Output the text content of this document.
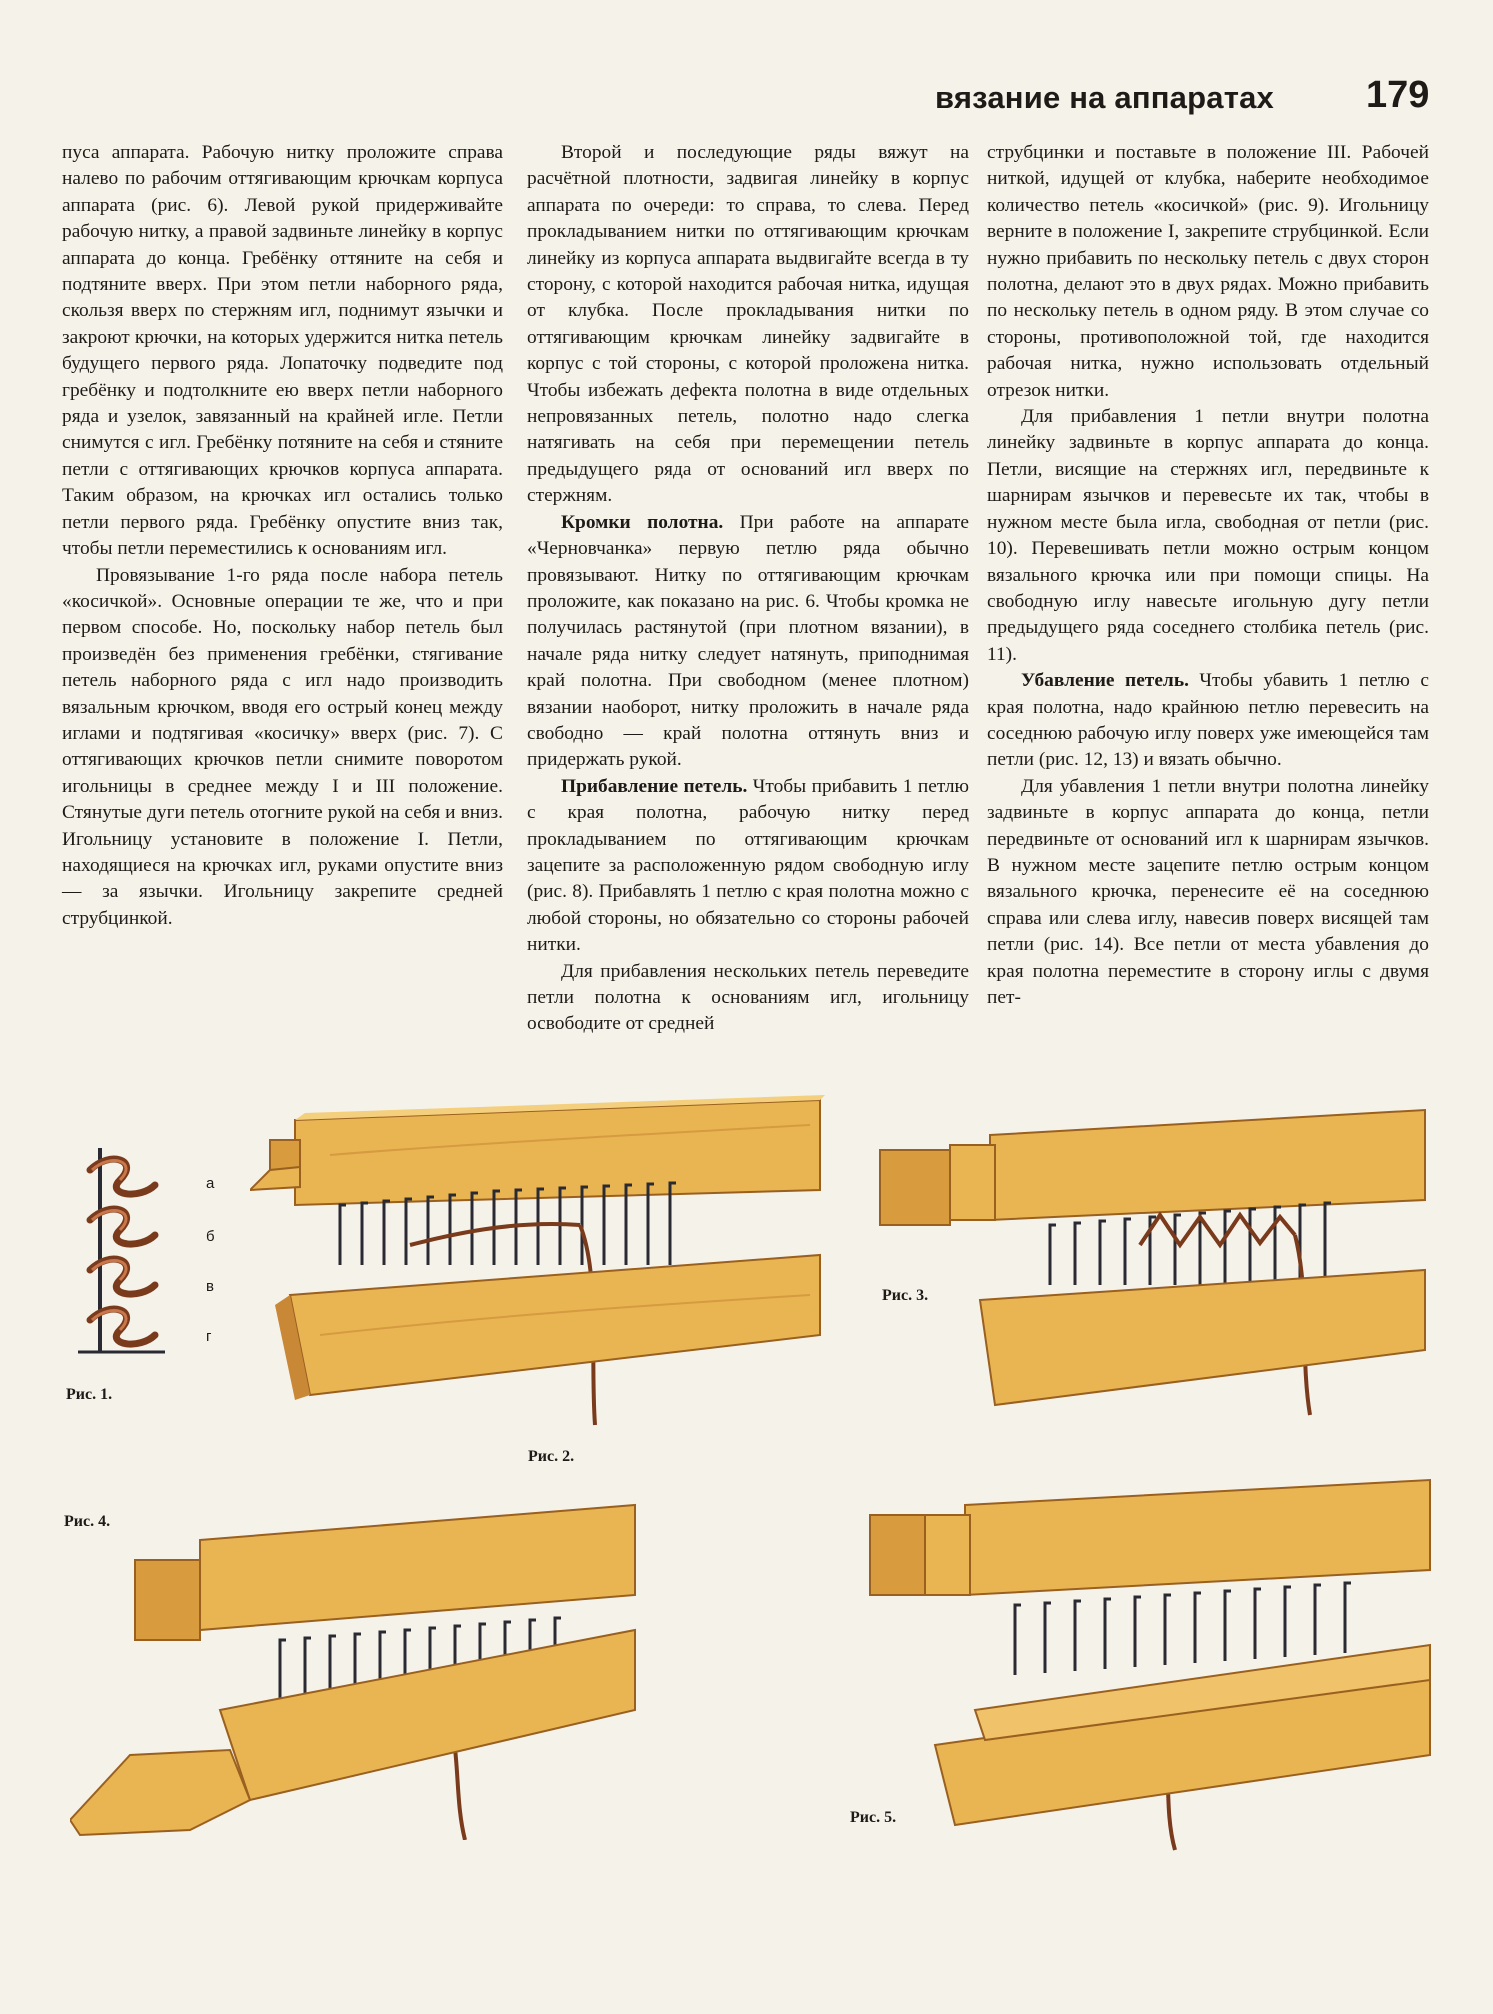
вязание на аппаратах 179

пуса аппарата. Рабочую нитку проложите справа налево по рабочим оттягивающим крючкам корпуса аппарата (рис. 6). Левой рукой придерживайте рабочую нитку, а правой задвиньте линейку в корпус аппарата до конца. Гребёнку оттяните на себя и подтяните вверх. При этом петли наборного ряда, скользя вверх по стержням игл, поднимут язычки и закроют крючки, на которых удержится нитка петель будущего первого ряда. Лопаточку подведите под гребёнку и подтолкните ею вверх петли наборного ряда и узелок, завязанный на крайней игле. Петли снимутся с игл. Гребёнку потяните на себя и стяните петли с оттягивающих крючков корпуса аппарата. Таким образом, на крючках игл остались только петли первого ряда. Гребёнку опустите вниз так, чтобы петли переместились к основаниям игл.

Провязывание 1-го ряда после набора петель «косичкой». Основные операции те же, что и при первом способе. Но, поскольку набор петель был произведён без применения гребёнки, стягивание петель наборного ряда с игл надо производить вязальным крючком, вводя его острый конец между иглами и подтягивая «косичку» вверх (рис. 7). С оттягивающих крючков петли снимите поворотом игольницы в среднее между I и III положение. Стянутые дуги петель отогните рукой на себя и вниз. Игольницу установите в положение I. Петли, находящиеся на крючках игл, руками опустите вниз — за язычки. Игольницу закрепите средней струбцинкой.

Второй и последующие ряды вяжут на расчётной плотности, задвигая линейку в корпус аппарата по очереди: то справа, то слева. Перед прокладыванием нитки по оттягивающим крючкам линейку из корпуса аппарата выдвигайте всегда в ту сторону, с которой находится рабочая нитка, идущая от клубка. После прокладывания нитки по оттягивающим крючкам линейку задвигайте в корпус с той стороны, с которой проложена нитка. Чтобы избежать дефекта полотна в виде отдельных непровязанных петель, полотно надо слегка натягивать на себя при перемещении петель предыдущего ряда от оснований игл вверх по стержням.

Кромки полотна. При работе на аппарате «Черновчанка» первую петлю ряда обычно провязывают. Нитку по оттягивающим крючкам проложите, как показано на рис. 6. Чтобы кромка не получилась растянутой (при плотном вязании), в начале ряда нитку следует натянуть, приподнимая край полотна. При свободном (менее плотном) вязании наоборот, нитку проложить в начале ряда свободно — край полотна оттянуть вниз и придержать рукой.

Прибавление петель. Чтобы прибавить 1 петлю с края полотна, рабочую нитку перед прокладыванием по оттягивающим крючкам зацепите за расположенную рядом свободную иглу (рис. 8). Прибавлять 1 петлю с края полотна можно с любой стороны, но обязательно со стороны рабочей нитки.

Для прибавления нескольких петель переведите петли полотна к основаниям игл, игольницу освободите от средней

струбцинки и поставьте в положение III. Рабочей ниткой, идущей от клубка, наберите необходимое количество петель «косичкой» (рис. 9). Игольницу верните в положение I, закрепите струбцинкой. Если нужно прибавить по нескольку петель с двух сторон полотна, делают это в двух рядах. Можно прибавить по нескольку петель в одном ряду. В этом случае со стороны, противоположной той, где находится рабочая нитка, нужно использовать отдельный отрезок нитки.

Для прибавления 1 петли внутри полотна линейку задвиньте в корпус аппарата до конца. Петли, висящие на стержнях игл, передвиньте к шарнирам язычков и перевесьте их так, чтобы в нужном месте была игла, свободная от петли (рис. 10). Перевешивать петли можно острым концом вязального крючка или при помощи спицы. На свободную иглу навесьте игольную дугу петли предыдущего ряда соседнего столбика петель (рис. 11).

Убавление петель. Чтобы убавить 1 петлю с края полотна, надо крайнюю петлю перевесить на соседнюю рабочую иглу поверх уже имеющейся там петли (рис. 12, 13) и вязать обычно.

Для убавления 1 петли внутри полотна линейку задвиньте в корпус аппарата до конца, петли передвиньте от оснований игл к шарнирам язычков. В нужном месте зацепите петлю острым концом вязального крючка, перенесите её на соседнюю справа или слева иглу, навесив поверх висящей там петли (рис. 14). Все петли от места убавления до края полотна переместите в сторону иглы с двумя пет-

а
б
в
г
Рис. 1.
Рис. 2.
Рис. 3.
Рис. 4.
Рис. 5.
